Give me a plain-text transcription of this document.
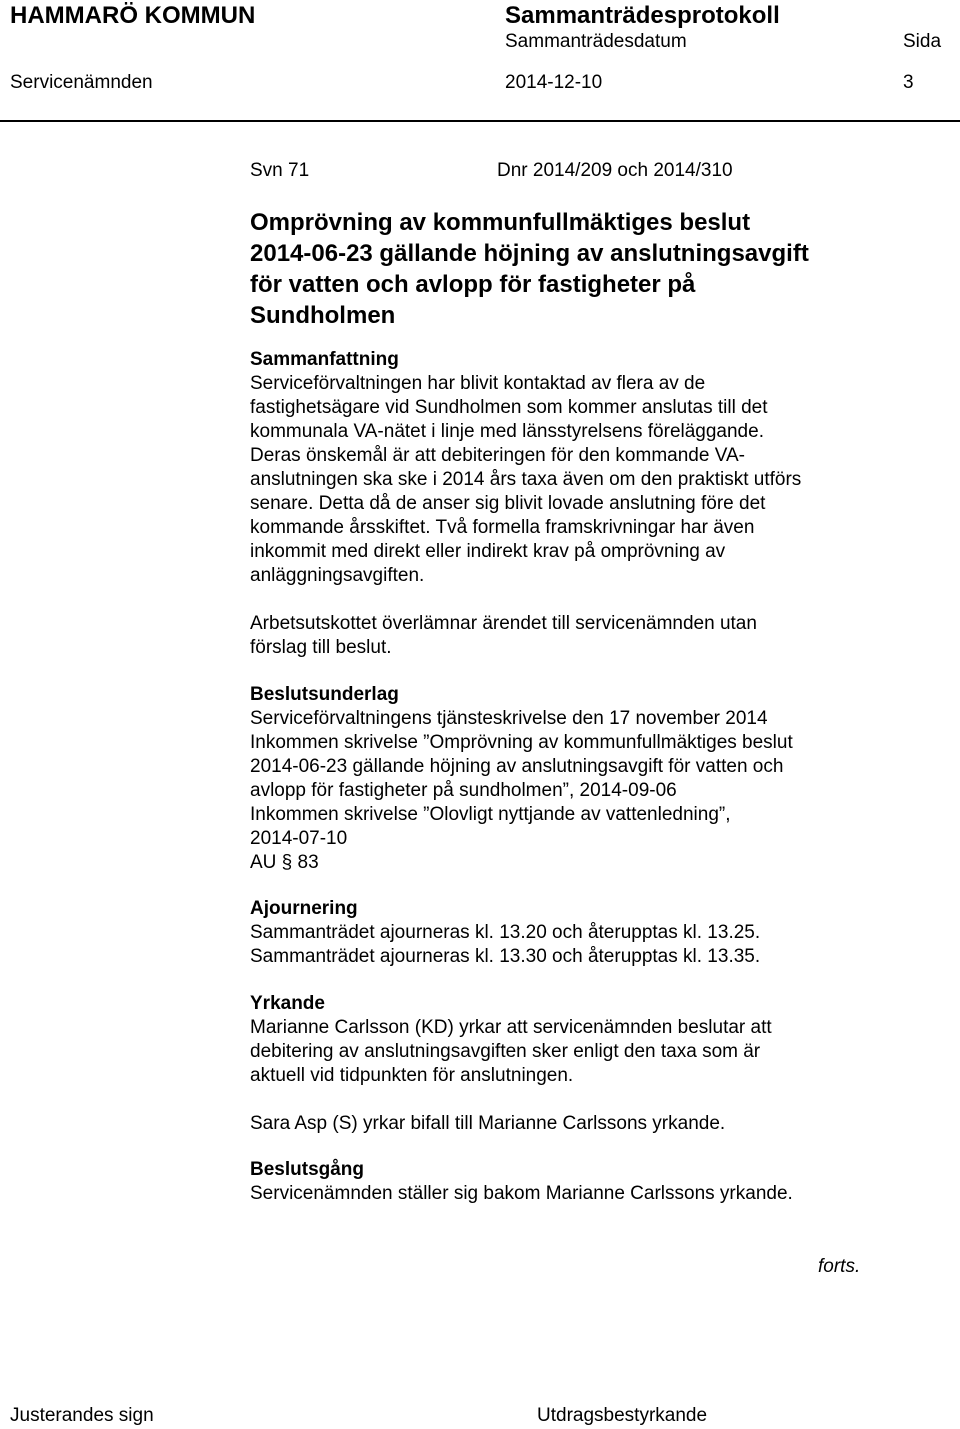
HAMMARÖ KOMMUN	Sammanträdesprotokoll
Sammanträdesdatum	Sida
Servicenämnden	2014-12-10	3
Svn 71	Dnr 2014/209 och 2014/310
Omprövning av kommunfullmäktiges beslut
2014-06-23 gällande höjning av anslutningsavgift
för vatten och avlopp för fastigheter på
Sundholmen
Sammanfattning
Serviceförvaltningen har blivit kontaktad av flera av de
fastighetsägare vid Sundholmen som kommer anslutas till det
kommunala VA-nätet i linje med länsstyrelsens föreläggande.
Deras önskemål är att debiteringen för den kommande VA-
anslutningen ska ske i 2014 års taxa även om den praktiskt utförs
senare. Detta då de anser sig blivit lovade anslutning före det
kommande årsskiftet. Två formella framskrivningar har även
inkommit med direkt eller indirekt krav på omprövning av
anläggningsavgiften.
Arbetsutskottet överlämnar ärendet till servicenämnden utan
förslag till beslut.
Beslutsunderlag
Serviceförvaltningens tjänsteskrivelse den 17 november 2014
Inkommen skrivelse ”Omprövning av kommunfullmäktiges beslut
2014-06-23 gällande höjning av anslutningsavgift för vatten och
avlopp för fastigheter på sundholmen”, 2014-09-06
Inkommen skrivelse ”Olovligt nyttjande av vattenledning”,
2014-07-10
AU § 83
Ajournering
Sammanträdet ajourneras kl. 13.20 och återupptas kl. 13.25.
Sammanträdet ajourneras kl. 13.30 och återupptas kl. 13.35.
Yrkande
Marianne Carlsson (KD) yrkar att servicenämnden beslutar att
debitering av anslutningsavgiften sker enligt den taxa som är
aktuell vid tidpunkten för anslutningen.
Sara Asp (S) yrkar bifall till Marianne Carlssons yrkande.
Beslutsgång
Servicenämnden ställer sig bakom Marianne Carlssons yrkande.
forts.
Justerandes sign	Utdragsbestyrkande
